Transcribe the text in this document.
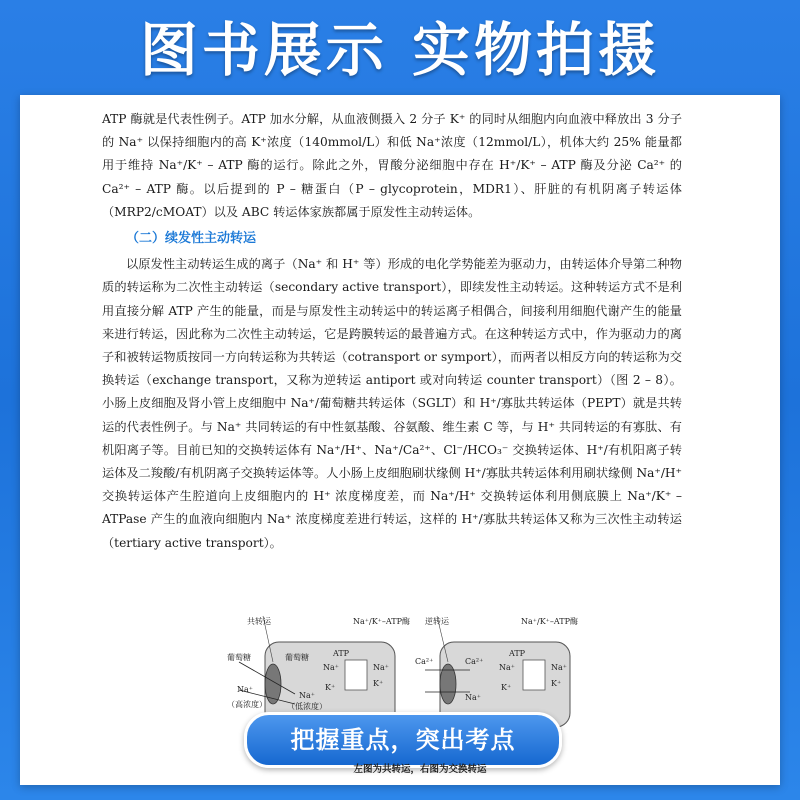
图书展示 实物拍摄

ATP 酶就是代表性例子。ATP 加水分解，从血液侧摄入 2 分子 K⁺ 的同时从细胞内向血液中释放出 3 分子的 Na⁺ 以保持细胞内的高 K⁺浓度（140mmol/L）和低 Na⁺浓度（12mmol/L），机体大约 25% 能量都用于维持 Na⁺/K⁺ – ATP 酶的运行。除此之外，胃酸分泌细胞中存在 H⁺/K⁺ – ATP 酶及分泌 Ca²⁺ 的 Ca²⁺ – ATP 酶。以后提到的 P – 糖蛋白（P – glycoprotein，MDR1）、肝脏的有机阴离子转运体（MRP2/cMOAT）以及 ABC 转运体家族都属于原发性主动转运体。

（二）续发性主动转运

以原发性主动转运生成的离子（Na⁺ 和 H⁺ 等）形成的电化学势能差为驱动力，由转运体介导第二种物质的转运称为二次性主动转运（secondary active transport），即续发性主动转运。这种转运方式不是利用直接分解 ATP 产生的能量，而是与原发性主动转运中的转运离子相偶合，间接利用细胞代谢产生的能量来进行转运，因此称为二次性主动转运，它是跨膜转运的最普遍方式。在这种转运方式中，作为驱动力的离子和被转运物质按同一方向转运称为共转运（cotransport or symport），而两者以相反方向的转运称为交换转运（exchange transport，又称为逆转运 antiport 或对向转运 counter transport）（图 2 – 8）。小肠上皮细胞及肾小管上皮细胞中 Na⁺/葡萄糖共转运体（SGLT）和 H⁺/寡肽共转运体（PEPT）就是共转运的代表性例子。与 Na⁺ 共同转运的有中性氨基酸、谷氨酸、维生素 C 等，与 H⁺ 共同转运的有寡肽、有机阳离子等。目前已知的交换转运体有 Na⁺/H⁺、Na⁺/Ca²⁺、Cl⁻/HCO₃⁻ 交换转运体、H⁺/有机阳离子转运体及二羧酸/有机阴离子交换转运体等。人小肠上皮细胞刷状缘侧 H⁺/寡肽共转运体利用刷状缘侧 Na⁺/H⁺ 交换转运体产生腔道向上皮细胞内的 H⁺ 浓度梯度差，而 Na⁺/H⁺ 交换转运体利用侧底膜上 Na⁺/K⁺ – ATPase 产生的血液向细胞内 Na⁺ 浓度梯度差进行转运，这样的 H⁺/寡肽共转运体又称为三次性主动转运（tertiary active transport）。

共转运	Na⁺/K⁺–ATP酶
葡萄糖	葡萄糖
Na⁺
（高浓度）
Na⁺
（低浓度）
ATP
Na⁺	Na⁺
K⁺	K⁺
逆转运	Na⁺/K⁺–ATP酶
Ca²⁺	Ca²⁺
Na⁺
ATP
Na⁺	Na⁺
K⁺	K⁺
把握重点，突出考点
左图为共转运，右图为交换转运
